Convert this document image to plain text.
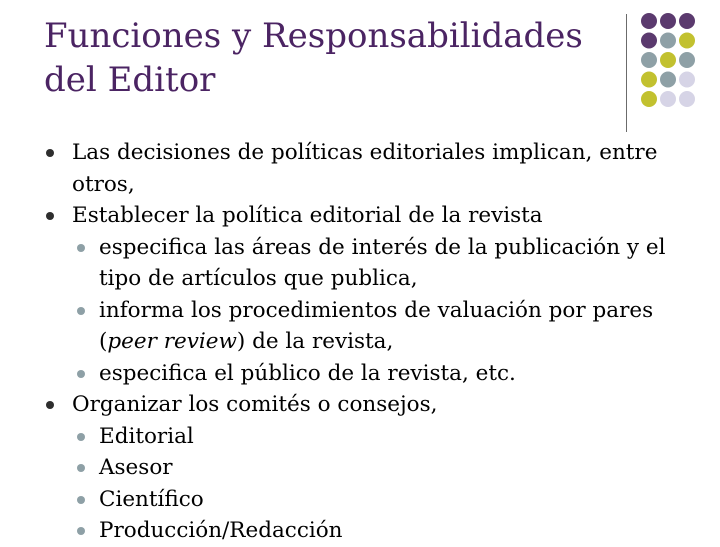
Funciones y Responsabilidades
del Editor
Las decisiones de políticas editoriales implican, entre
otros,
Establecer la política editorial de la revista
especifica las áreas de interés de la publicación y el
tipo de artículos que publica,
informa los procedimientos de valuación por pares
(peer review) de la revista,
especifica el público de la revista, etc.
Organizar los comités o consejos,
Editorial
Asesor
Científico
Producción/Redacción
